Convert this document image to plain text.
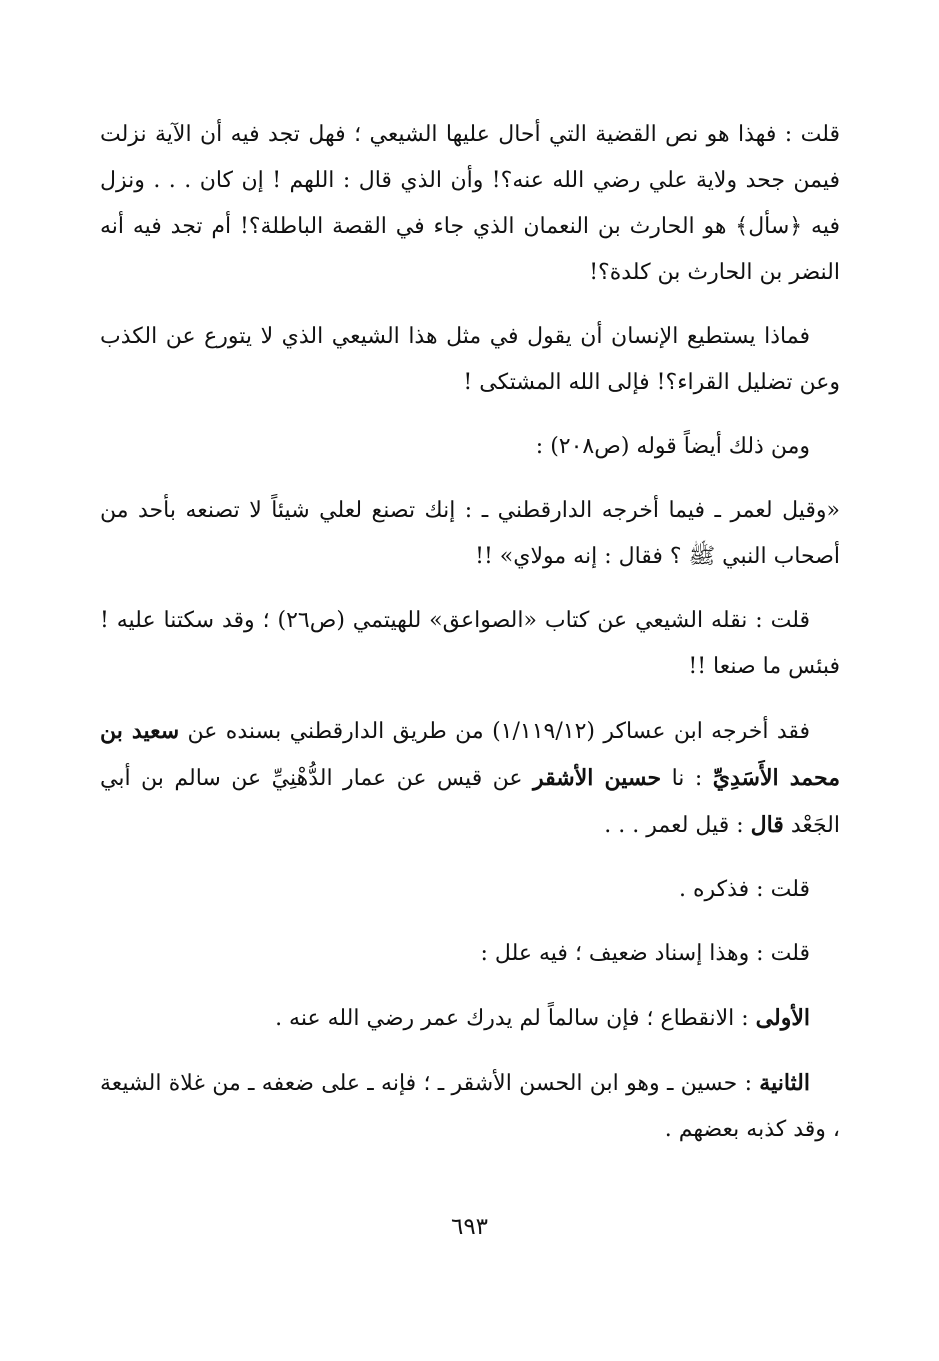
قلت : فهذا هو نص القضية التي أحال عليها الشيعي ؛ فهل تجد فيه أن الآية نزلت فيمن جحد ولاية علي رضي الله عنه؟! وأن الذي قال : اللهم ! إن كان . . . ونزل فيه ﴿سأل﴾ هو الحارث بن النعمان الذي جاء في القصة الباطلة؟! أم تجد فيه أنه النضر بن الحارث بن كلدة؟!

فماذا يستطيع الإنسان أن يقول في مثل هذا الشيعي الذي لا يتورع عن الكذب وعن تضليل القراء؟! فإلى الله المشتكى !

ومن ذلك أيضاً قوله (ص٢٠٨) :

«وقيل لعمر ـ فيما أخرجه الدارقطني ـ : إنك تصنع لعلي شيئاً لا تصنعه بأحد من أصحاب النبي ﷺ ؟ فقال : إنه مولاي» !!

قلت : نقله الشيعي عن كتاب «الصواعق» للهيتمي (ص٢٦) ؛ وقد سكتنا عليه ! فبئس ما صنعا !!

فقد أخرجه ابن عساكر (١/١١٩/١٢) من طريق الدارقطني بسنده عن سعيد بن محمد الأَسَدِيِّ : نا حسين الأشقر عن قيس عن عمار الدُّهْنِيِّ عن سالم بن أبي الجَعْد قال : قيل لعمر . . .

قلت : فذكره .

قلت : وهذا إسناد ضعيف ؛ فيه علل :

الأولى : الانقطاع ؛ فإن سالماً لم يدرك عمر رضي الله عنه .

الثانية : حسين ـ وهو ابن الحسن الأشقر ـ ؛ فإنه ـ على ضعفه ـ من غلاة الشيعة ، وقد كذبه بعضهم .

٦٩٣
